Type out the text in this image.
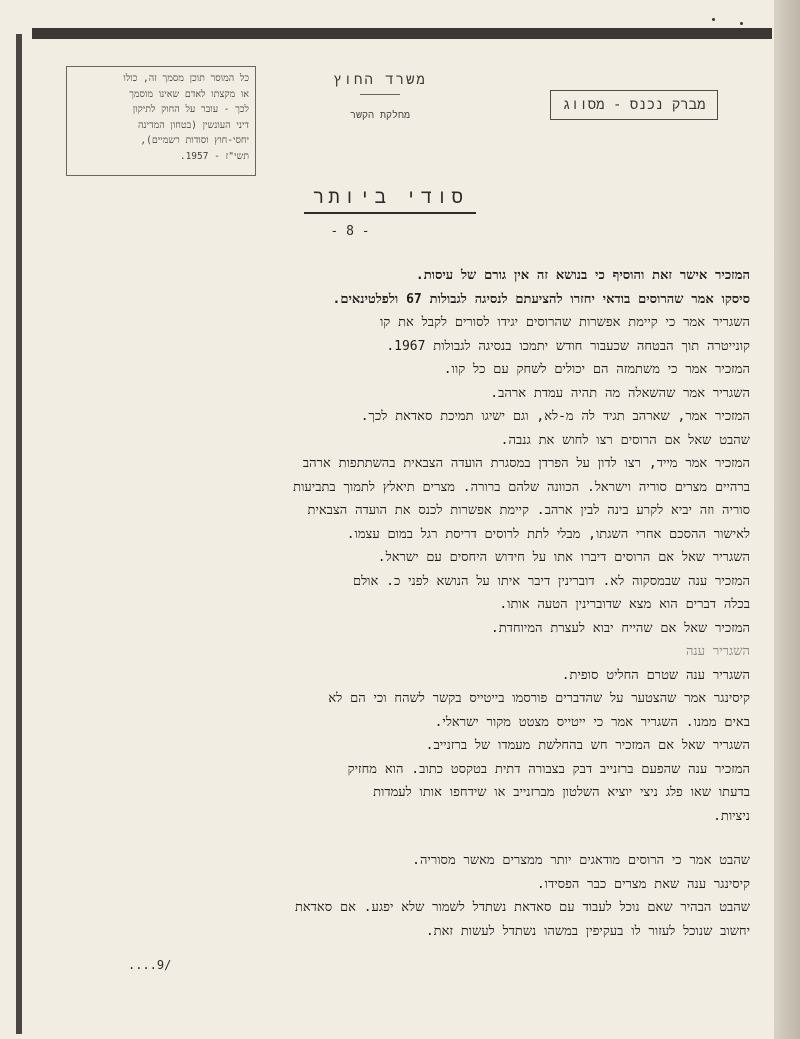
כל המוסר תוכן מסמך זה, כולו
או מקצתו לאדם שאינו מוסמך
לכך - עובר על החוק לתיקון
דיני העונשין (בטחון המדינה
יחסי-חוץ וסודות רשמיים),
תשי"ז - 1957.
משרד החוץ
מחלקת הקשר
מברק נכנס - מסווג
סודי ביותר
- 8 -
המזכיר אישר זאת והוסיף כי בנושא זה אין גורם של עיסות.
סיסקו אמר שהרוסים בודאי יחזרו להציעתם לנסיגה לגבולות 67 ולפלטינאים.
השגריר אמר כי קיימת אפשרות שהרוסים יגידו לסורים לקבל את קו
קונייטרה תוך הבטחה שכעבור חודש יתמכו בנסיגה לגבולות 1967.
המזכיר אמר כי משתמזה הם יכולים לשחק עם כל קוו.
השגריר אמר שהשאלה מה תהיה עמדת ארהב.
המזכיר אמר, שארהב תגיד לה מ-לא, וגם ישיגו תמיכת סאדאת לכך.
שהבט שאל אם הרוסים רצו לחוש את גנבה.
המזכיר אמר מייד, רצו לדון על הפרדן במסגרת הועדה הצבאית בהשתתפות ארהב
ברהיים מצרים סוריה וישראל. הכוונה שלהם ברורה. מצרים תיאלץ לתמוך בתביעות
סוריה וזה יביא לקרע בינה לבין ארהב. קיימת אפשרות לכנס את הועדה הצבאית
לאישור ההסכם אחרי השגתו, מבלי לתת לרוסים דריסת רגל במום עצמו.
השגריר שאל אם הרוסים דיברו אתו על חידוש היחסים עם ישראל.
המזכיר ענה שבמסקוה לא. דוברינין דיבר איתו על הנושא לפני כ. אולם
בכלה דברים הוא מצא שדוברינין הטעה אותו.
המזכיר שאל אם שהייח יבוא לעצרת המיוחדת.
השגריר ענה
השגריר ענה שטרם החליט סופית.
קיסינגר אמר שהצטער על שהדברים פורסמו בייטייס בקשר לשהח וכי הם לא
באים ממנו. השגריר אמר כי ייטייס מצטט מקור ישראלי.
השגריר שאל אם המזכיר חש בהחלשת מעמדו של ברזנייב.
המזכיר ענה שהפעם ברזנייב דבק בצבורה דתית בטקסט כתוב. הוא מחזיק
בדעתו שאו פלג ניצי יוציא השלטון מברזנייב או שידחפו אותו לעמדות
ניציות.
שהבט אמר כי הרוסים מודאגים יותר ממצרים מאשר מסוריה.
קיסינגר ענה שאת מצרים כבר הפסידו.
שהבט הבהיר שאם נוכל לעבוד עם סאדאת נשתדל לשמור שלא יפגע. אם סאדאת
יחשוב שנוכל לעזור לו בעקיפין במשהו נשתדל לעשות זאת.
....9/
